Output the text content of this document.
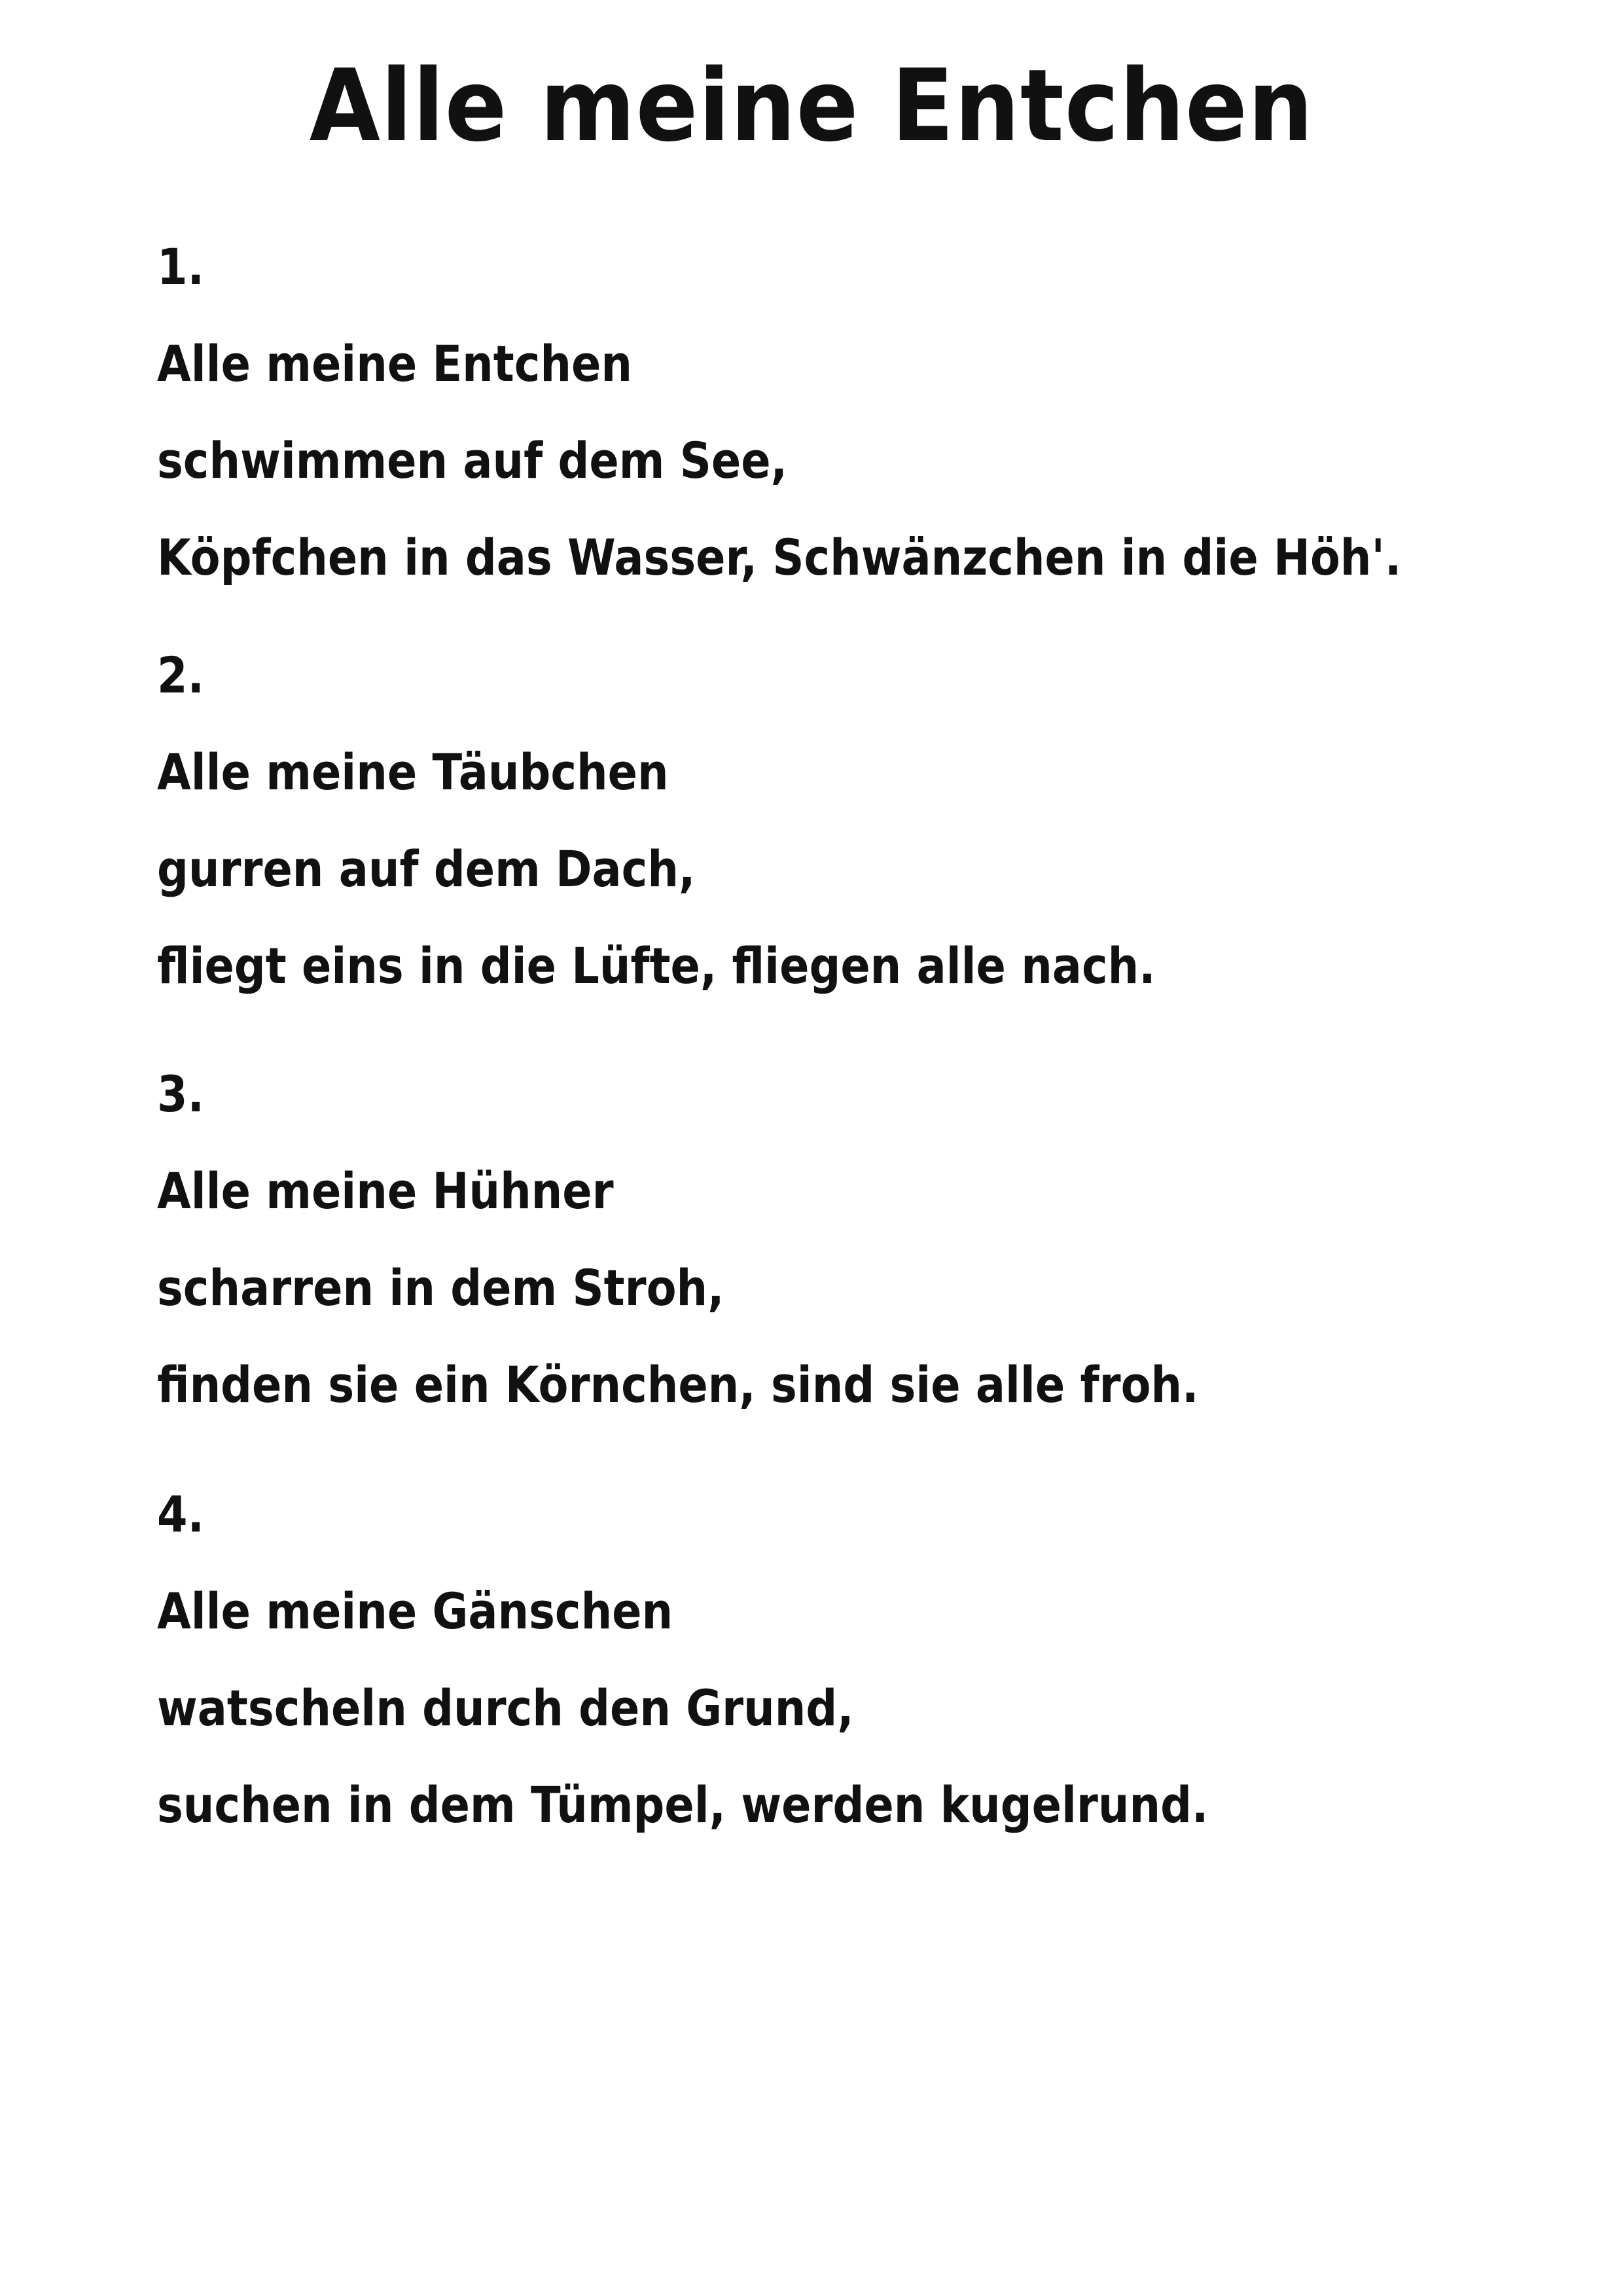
Alle meine Entchen
1.
Alle meine Entchen
schwimmen auf dem See,
Köpfchen in das Wasser, Schwänzchen in die Höh'.
2.
Alle meine Täubchen
gurren auf dem Dach,
fliegt eins in die Lüfte, fliegen alle nach.
3.
Alle meine Hühner
scharren in dem Stroh,
finden sie ein Körnchen, sind sie alle froh.
4.
Alle meine Gänschen
watscheln durch den Grund,
suchen in dem Tümpel, werden kugelrund.
